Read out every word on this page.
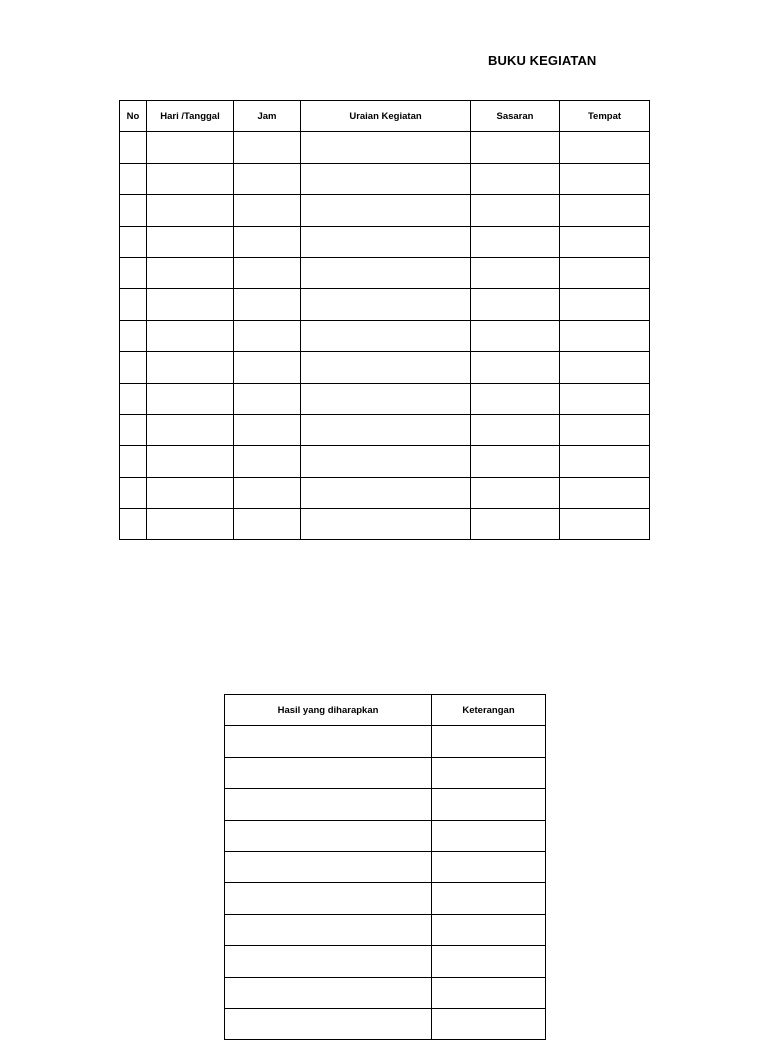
BUKU KEGIATAN
No	Hari /Tanggal	Jam	Uraian Kegiatan	Sasaran	Tempat

Hasil yang diharapkan	Keterangan
